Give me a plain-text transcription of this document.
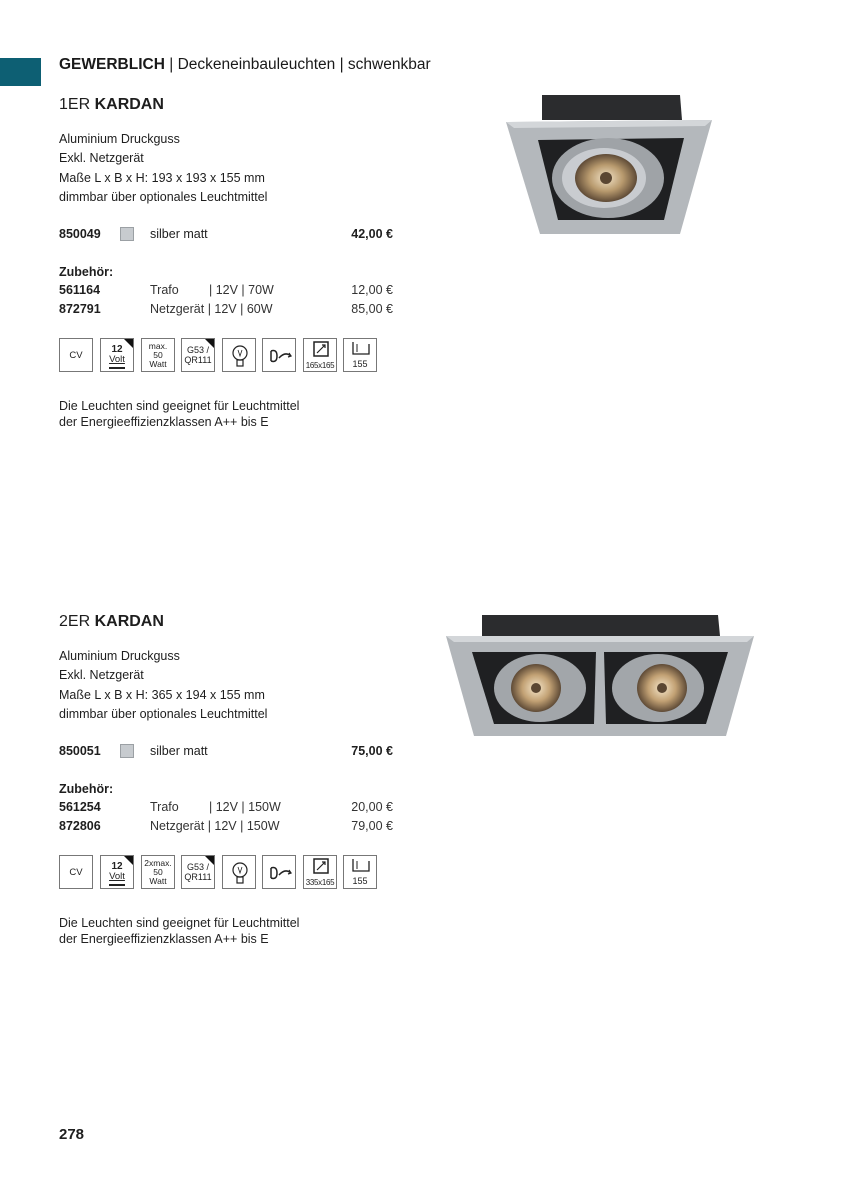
GEWERBLICH | Deckeneinbauleuchten | schwenkbar
1ER KARDAN
Aluminium Druckguss
Exkl. Netzgerät
Maße L x B x H: 193 x 193 x 155 mm
dimmbar über optionales Leuchtmittel
850049	silber matt	42,00 €
Zubehör:
561164	Trafo | 12V | 70W	12,00 €
872791	Netzgerät | 12V | 60W	85,00 €
CV
12
Volt
max.
50
Watt
G53 /
QR111
165x165	155
Die Leuchten sind geeignet für Leuchtmittel
der Energieeffizienzklassen A++ bis E
2ER KARDAN
Aluminium Druckguss
Exkl. Netzgerät
Maße L x B x H: 365 x 194 x 155 mm
dimmbar über optionales Leuchtmittel
850051	silber matt	75,00 €
Zubehör:
561254	Trafo | 12V | 150W	20,00 €
872806	Netzgerät | 12V | 150W	79,00 €
CV
12
Volt
2xmax.
50
Watt
G53 /
QR111
335x165	155
Die Leuchten sind geeignet für Leuchtmittel
der Energieeffizienzklassen A++ bis E
278
